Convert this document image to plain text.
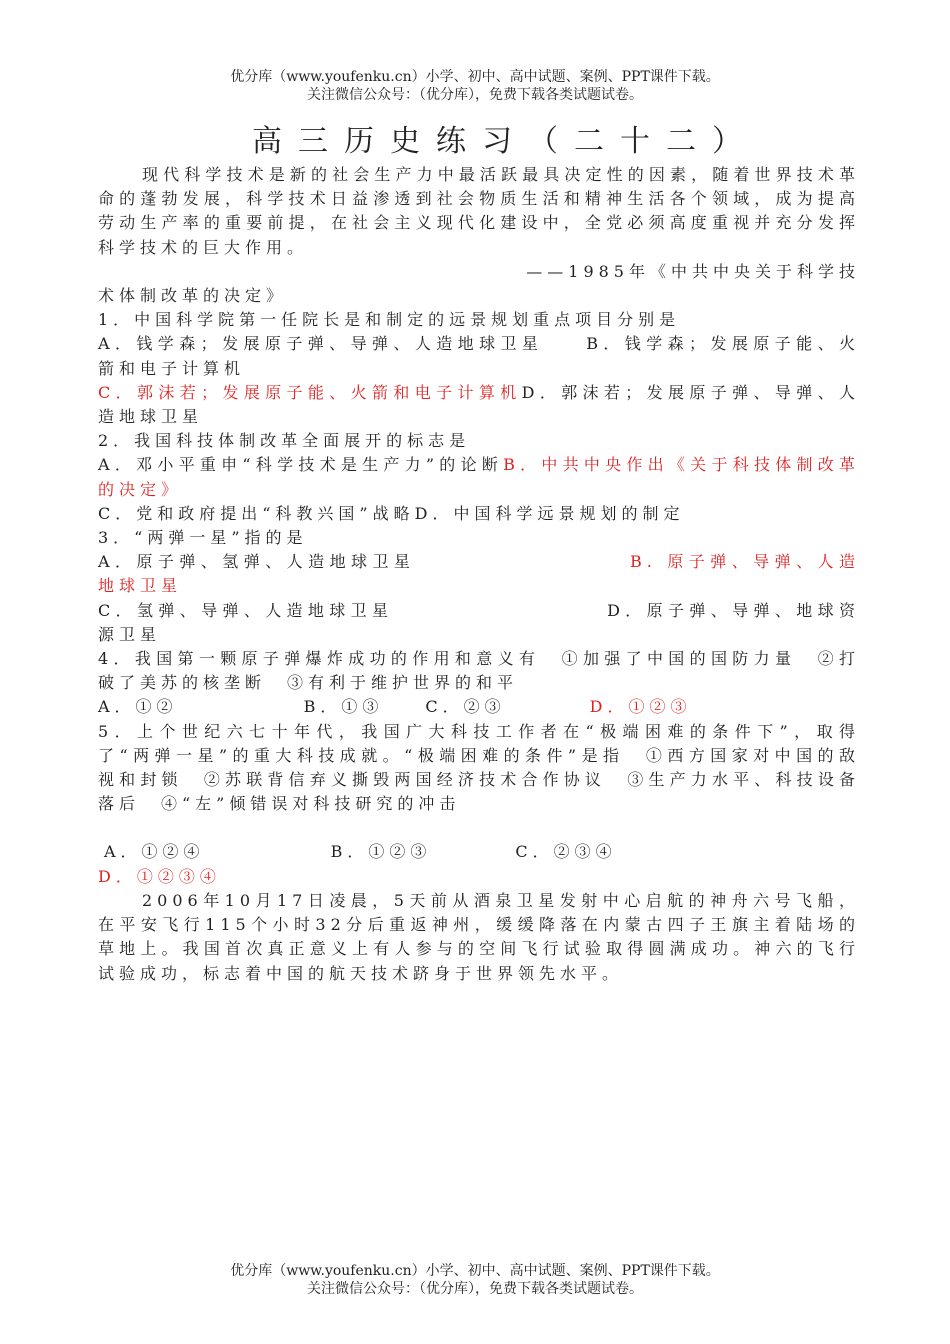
优分库（www.youfenku.cn）小学、初中、高中试题、案例、PPT课件下载。
关注微信公众号：（优分库），免费下载各类试题试卷。
高三历史练习（二十二）

现代科学技术是新的社会生产力中最活跃最具决定性的因素，随着世界技术革命的蓬勃发展，科学技术日益渗透到社会物质生活和精神生活各个领域，成为提高劳动生产率的重要前提，在社会主义现代化建设中，全党必须高度重视并充分发挥科学技术的巨大作用。

——1985年《中共中央关于科学技

术体制改革的决定》

1．中国科学院第一任院长是和制定的远景规划重点项目分别是

A．钱学森；发展原子弹、导弹、人造地球卫星　　	B．钱学森；发展原子能、火箭和电子计算机

C．郭沫若；发展原子能、火箭和电子计算机D．郭沫若；发展原子弹、导弹、人造地球卫星

2．我国科技体制改革全面展开的标志是

A．邓小平重申“科学技术是生产力”的论断B．中共中央作出《关于科技体制改革的决定》

C．党和政府提出“科教兴国”战略D．中国科学远景规划的制定

3．“两弹一星”指的是

A．原子弹、氢弹、人造地球卫星　　　　　　　　　　	B. 原子弹、导弹、人造地球卫星

C．氢弹、导弹、人造地球卫星　　　　　　　　　　	D．原子弹、导弹、地球资源卫星

4．我国第一颗原子弹爆炸成功的作用和意义有　①加强了中国的国防力量　②打破了美苏的核垄断　③有利于维护世界的和平

A．①②　　　　　　	B．①③　　	C．②③　　　　	D．①②③

5．上个世纪六七十年代，我国广大科技工作者在“极端困难的条件下”，取得了“两弹一星”的重大科技成就。“极端困难的条件”是指　①西方国家对中国的敌视和封锁　②苏联背信弃义撕毁两国经济技术合作协议　③生产力水平、科技设备落后　④“左”倾错误对科技研究的冲击

A．①②④　　　　　　	B．①②③　　　　	C．②③④

D．①②③④

2006年10月17日凌晨，5天前从酒泉卫星发射中心启航的神舟六号飞船，在平安飞行115个小时32分后重返神州，缓缓降落在内蒙古四子王旗主着陆场的草地上。我国首次真正意义上有人参与的空间飞行试验取得圆满成功。神六的飞行试验成功，标志着中国的航天技术跻身于世界领先水平。

优分库（www.youfenku.cn）小学、初中、高中试题、案例、PPT课件下载。
关注微信公众号：（优分库），免费下载各类试题试卷。
